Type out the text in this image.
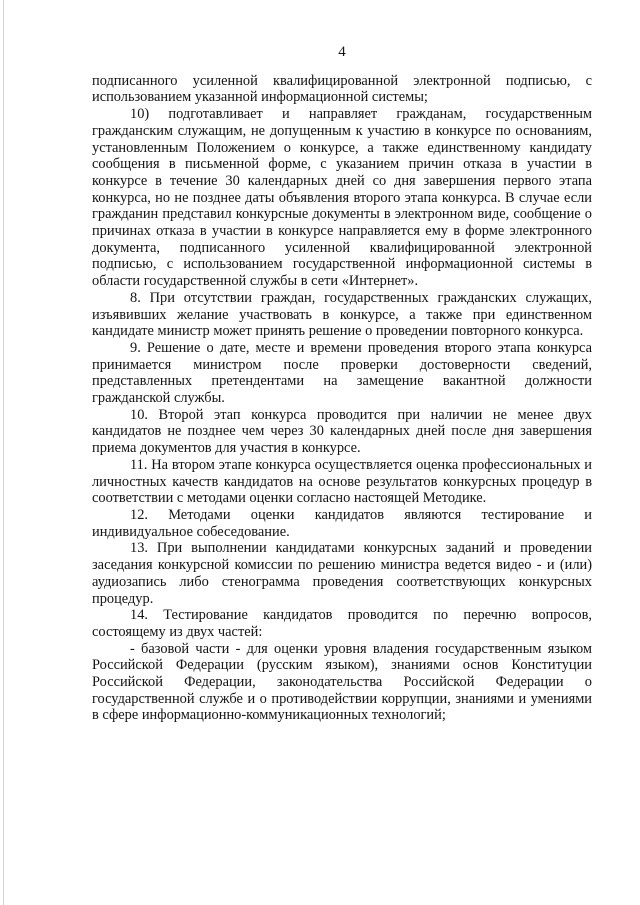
4

подписанного усиленной квалифицированной электронной подписью, с использованием указанной информационной системы;

10) подготавливает и направляет гражданам, государственным гражданским служащим, не допущенным к участию в конкурсе по основаниям, установленным Положением о конкурсе, а также единственному кандидату сообщения в письменной форме, с указанием причин отказа в участии в конкурсе в течение 30 календарных дней со дня завершения первого этапа конкурса, но не позднее даты объявления второго этапа конкурса. В случае если гражданин представил конкурсные документы в электронном виде, сообщение о причинах отказа в участии в конкурсе направляется ему в форме электронного документа, подписанного усиленной квалифицированной электронной подписью, с использованием государственной информационной системы в области государственной службы в сети «Интернет».

8. При отсутствии граждан, государственных гражданских служащих, изъявивших желание участвовать в конкурсе, а также при единственном кандидате министр может принять решение о проведении повторного конкурса.

9. Решение о дате, месте и времени проведения второго этапа конкурса принимается министром после проверки достоверности сведений, представленных претендентами на замещение вакантной должности гражданской службы.

10. Второй этап конкурса проводится при наличии не менее двух кандидатов не позднее чем через 30 календарных дней после дня завершения приема документов для участия в конкурсе.

11. На втором этапе конкурса осуществляется оценка профессиональных и личностных качеств кандидатов на основе результатов конкурсных процедур в соответствии с методами оценки согласно настоящей Методике.

12. Методами оценки кандидатов являются тестирование и индивидуальное собеседование.

13. При выполнении кандидатами конкурсных заданий и проведении заседания конкурсной комиссии по решению министра ведется видео - и (или) аудиозапись либо стенограмма проведения соответствующих конкурсных процедур.

14. Тестирование кандидатов проводится по перечню вопросов, состоящему из двух частей:

- базовой части - для оценки уровня владения государственным языком Российской Федерации (русским языком), знаниями основ Конституции Российской Федерации, законодательства Российской Федерации о государственной службе и о противодействии коррупции, знаниями и умениями в сфере информационно-коммуникационных технологий;
